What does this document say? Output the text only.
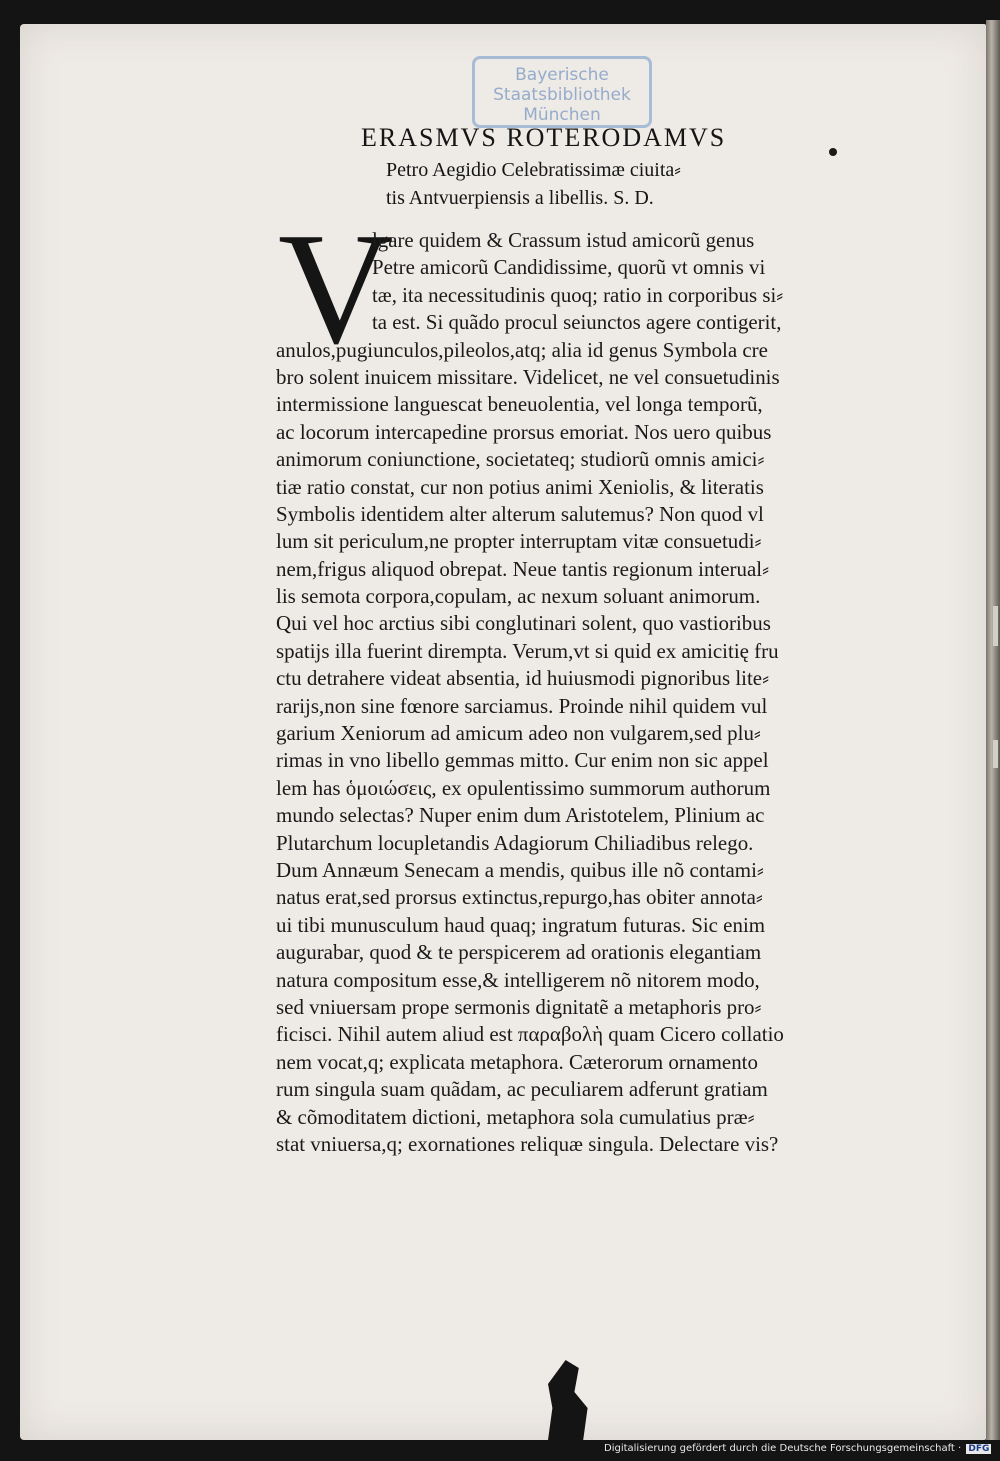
Bayerische
Staatsbibliothek
München
ERASMVS ROTERODAMVS
Petro Aegidio Celebratissimæ ciuita⸗
tis Antvuerpiensis a libellis. S. D.
V
lgare quidem & Crassum istud amicorũ genus
Petre amicorũ Candidissime, quorũ vt omnis vi
tæ, ita necessitudinis quoq; ratio in corporibus si⸗
ta est. Si quãdo procul seiunctos agere contigerit,
anulos,pugiunculos,pileolos,atq; alia id genus Symbola cre
bro solent inuicem missitare. Videlicet, ne vel consuetudinis
intermissione languescat beneuolentia, vel longa temporũ,
ac locorum intercapedine prorsus emoriat. Nos uero quibus
animorum coniunctione, societateq; studiorũ omnis amici⸗
tiæ ratio constat, cur non potius animi Xeniolis, & literatis
Symbolis identidem alter alterum salutemus? Non quod vl
lum sit periculum,ne propter interruptam vitæ consuetudi⸗
nem,frigus aliquod obrepat. Neue tantis regionum interual⸗
lis semota corpora,copulam, ac nexum soluant animorum.
Qui vel hoc arctius sibi conglutinari solent, quo vastioribus
spatijs illa fuerint dirempta. Verum,vt si quid ex amicitię fru
ctu detrahere videat absentia, id huiusmodi pignoribus lite⸗
rarijs,non sine fœnore sarciamus. Proinde nihil quidem vul
garium Xeniorum ad amicum adeo non vulgarem,sed plu⸗
rimas in vno libello gemmas mitto. Cur enim non sic appel
lem has ὁμοιώσεις, ex opulentissimo summorum authorum
mundo selectas? Nuper enim dum Aristotelem, Plinium ac
Plutarchum locupletandis Adagiorum Chiliadibus relego.
Dum Annæum Senecam a mendis, quibus ille nõ contami⸗
natus erat,sed prorsus extinctus,repurgo,has obiter annota⸗
ui tibi munusculum haud quaq; ingratum futuras. Sic enim
augurabar, quod & te perspicerem ad orationis elegantiam
natura compositum esse,& intelligerem nõ nitorem modo,
sed vniuersam prope sermonis dignitatẽ a metaphoris pro⸗
ficisci. Nihil autem aliud est παραβολὴ quam Cicero collatio
nem vocat,q; explicata metaphora. Cæterorum ornamento
rum singula suam quãdam, ac peculiarem adferunt gratiam
& cõmoditatem dictioni, metaphora sola cumulatius præ⸗
stat vniuersa,q; exornationes reliquæ singula. Delectare vis?
Digitalisierung gefördert durch die Deutsche Forschungsgemeinschaft · DFG
